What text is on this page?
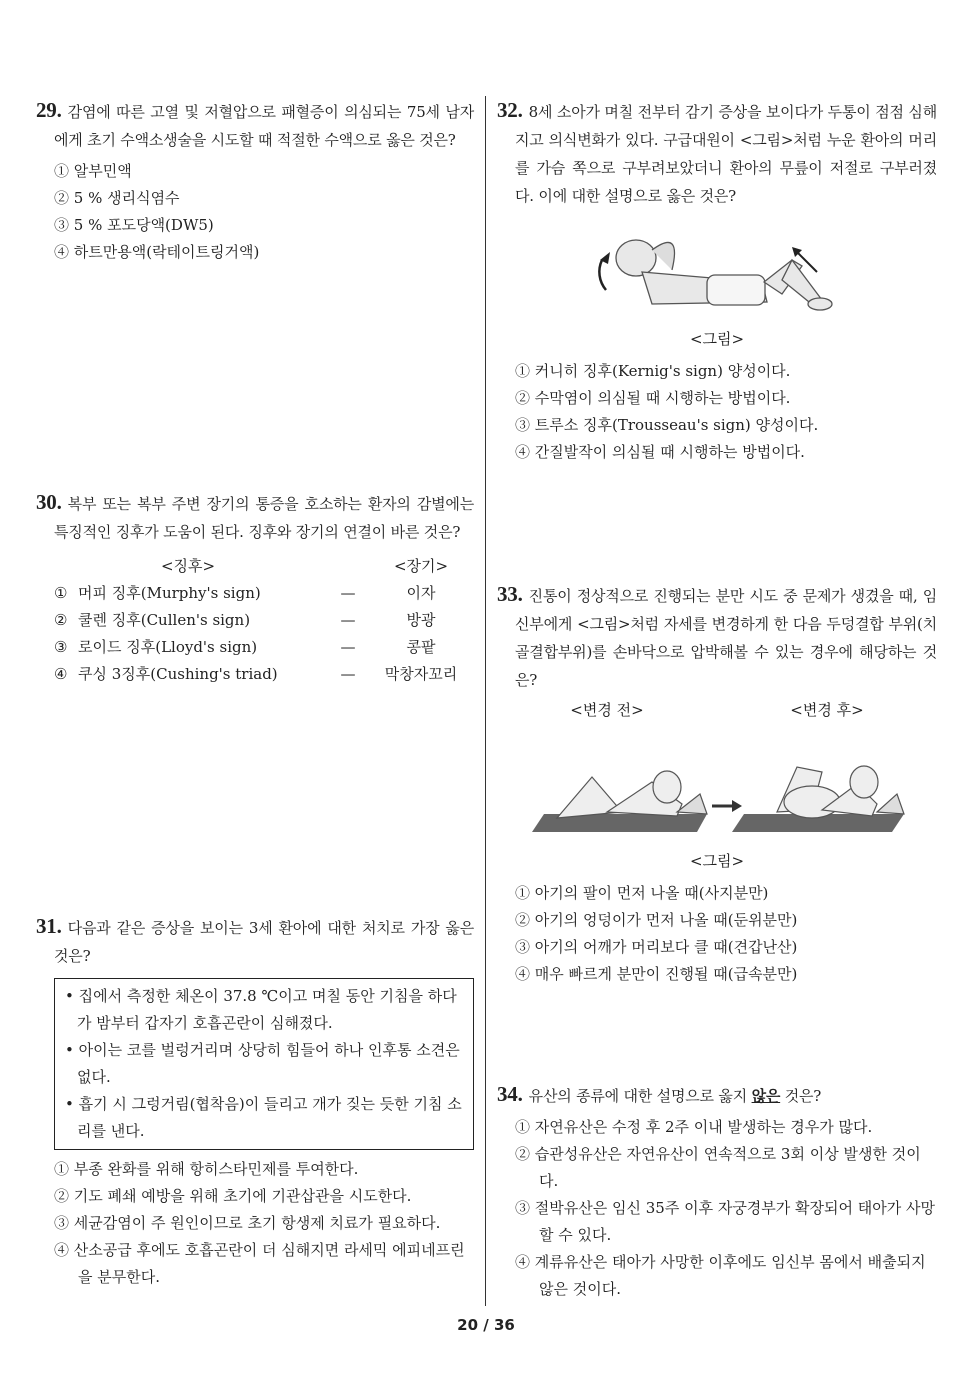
29. 감염에 따른 고열 및 저혈압으로 패혈증이 의심되는 75세 남자에게 초기 수액소생술을 시도할 때 적절한 수액으로 옳은 것은?
① 알부민액
② 5 % 생리식염수
③ 5 % 포도당액(DW5)
④ 하트만용액(락테이트링거액)
30. 복부 또는 복부 주변 장기의 통증을 호소하는 환자의 감별에는 특징적인 징후가 도움이 된다. 징후와 장기의 연결이 바른 것은?
	<징후>		<장기>
①	머피 징후(Murphy's sign)	—	이자
②	쿨렌 징후(Cullen's sign)	—	방광
③	로이드 징후(Lloyd's sign)	—	콩팥
④	쿠싱 3징후(Cushing's triad)	—	막창자꼬리
31. 다음과 같은 증상을 보이는 3세 환아에 대한 처치로 가장 옳은 것은?
• 집에서 측정한 체온이 37.8 ℃이고 며칠 동안 기침을 하다가 밤부터 갑자기 호흡곤란이 심해졌다.
• 아이는 코를 벌렁거리며 상당히 힘들어 하나 인후통 소견은 없다.
• 흡기 시 그렁거림(협착음)이 들리고 개가 짖는 듯한 기침 소리를 낸다.
① 부종 완화를 위해 항히스타민제를 투여한다.
② 기도 폐쇄 예방을 위해 초기에 기관삽관을 시도한다.
③ 세균감염이 주 원인이므로 초기 항생제 치료가 필요하다.
④ 산소공급 후에도 호흡곤란이 더 심해지면 라세믹 에피네프린을 분무한다.
32. 8세 소아가 며칠 전부터 감기 증상을 보이다가 두통이 점점 심해지고 의식변화가 있다. 구급대원이 <그림>처럼 누운 환아의 머리를 가슴 쪽으로 구부려보았더니 환아의 무릎이 저절로 구부러졌다. 이에 대한 설명으로 옳은 것은?
<그림>
① 커니히 징후(Kernig's sign) 양성이다.
② 수막염이 의심될 때 시행하는 방법이다.
③ 트루소 징후(Trousseau's sign) 양성이다.
④ 간질발작이 의심될 때 시행하는 방법이다.
33. 진통이 정상적으로 진행되는 분만 시도 중 문제가 생겼을 때, 임신부에게 <그림>처럼 자세를 변경하게 한 다음 두덩결합 부위(치골결합부위)를 손바닥으로 압박해볼 수 있는 경우에 해당하는 것은?
<변경 전>	<변경 후>
<그림>
① 아기의 팔이 먼저 나올 때(사지분만)
② 아기의 엉덩이가 먼저 나올 때(둔위분만)
③ 아기의 어깨가 머리보다 클 때(견갑난산)
④ 매우 빠르게 분만이 진행될 때(급속분만)
34. 유산의 종류에 대한 설명으로 옳지 않은 것은?
① 자연유산은 수정 후 2주 이내 발생하는 경우가 많다.
② 습관성유산은 자연유산이 연속적으로 3회 이상 발생한 것이다.
③ 절박유산은 임신 35주 이후 자궁경부가 확장되어 태아가 사망할 수 있다.
④ 계류유산은 태아가 사망한 이후에도 임신부 몸에서 배출되지 않은 것이다.
20 / 36
